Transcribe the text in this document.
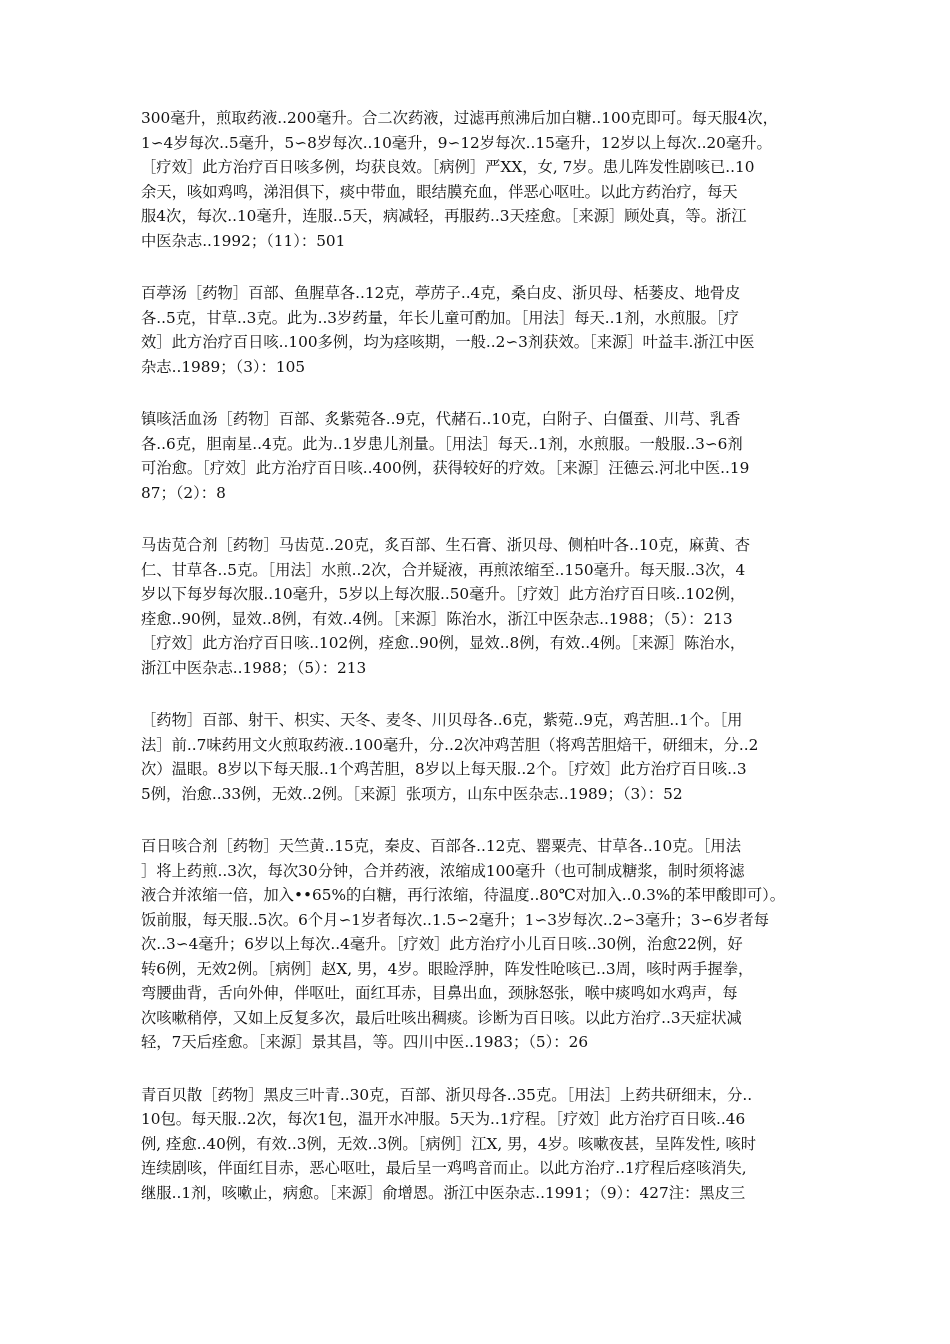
300毫升，煎取药液..200毫升。合二次药液，过滤再煎沸后加白糖..100克即可。每天服4次，
1∽4岁每次..5毫升，5∽8岁每次..10毫升，9∽12岁每次..15毫升，12岁以上每次..20毫升。
［疗效］此方治疗百日咳多例，均获良效。［病例］严XX，女, 7岁。患儿阵发性剧咳已..10
余天，咳如鸡鸣，涕泪俱下，痰中带血，眼结膜充血，伴恶心呕吐。以此方药治疗，每天
服4次，每次..10毫升，连服..5天，病减轻，再服药..3天痊愈。［来源］顾处真，等。浙江
中医杂志..1992；（11）：501
百葶汤［药物］百部、鱼腥草各..12克，葶苈子..4克，桑白皮、浙贝母、栝蒌皮、地骨皮
各..5克，甘草..3克。此为..3岁药量，年长儿童可酌加。［用法］每天..1剂，水煎服。［疗
效］此方治疗百日咳..100多例，均为痉咳期，一般..2∽3剂获效。［来源］叶益丰.浙江中医
杂志..1989；（3）：105
镇咳活血汤［药物］百部、炙紫菀各..9克，代赭石..10克，白附子、白僵蚕、川芎、乳香
各..6克，胆南星..4克。此为..1岁患儿剂量。［用法］每天..1剂，水煎服。一般服..3∽6剂
可治愈。［疗效］此方治疗百日咳..400例，获得较好的疗效。［来源］汪德云.河北中医..19
87；（2）：8
马齿苋合剂［药物］马齿苋..20克，炙百部、生石膏、浙贝母、侧柏叶各..10克，麻黄、杏
仁、甘草各..5克。［用法］水煎..2次，合并疑液，再煎浓缩至..150毫升。每天服..3次，4
岁以下每岁每次服..10毫升，5岁以上每次服..50毫升。［疗效］此方治疗百日咳..102例，
痊愈..90例，显效..8例，有效..4例。［来源］陈治水，浙江中医杂志..1988；（5）：213
［疗效］此方治疗百日咳..102例，痊愈..90例，显效..8例，有效..4例。［来源］陈治水，
浙江中医杂志..1988；（5）：213
［药物］百部、射干、枳实、天冬、麦冬、川贝母各..6克，紫菀..9克，鸡苦胆..1个。［用
法］前..7味药用文火煎取药液..100毫升，分..2次冲鸡苦胆（将鸡苦胆焙干，研细末，分..2
次）温眼。8岁以下每天服..1个鸡苦胆，8岁以上每天服..2个。［疗效］此方治疗百日咳..3
5例，治愈..33例，无效..2例。［来源］张项方，山东中医杂志..1989；（3）：52
百日咳合剂［药物］天竺黄..15克，秦皮、百部各..12克、罂粟壳、甘草各..10克。［用法
］将上药煎..3次，每次30分钟，合并药液，浓缩成100毫升（也可制成糖浆，制时须将滤
液合并浓缩一倍，加入••65%的白糖，再行浓缩，待温度..80℃对加入..0.3%的苯甲酸即可）。
饭前服，每天服..5次。6个月∽1岁者每次..1.5∽2毫升；1∽3岁每次..2∽3毫升；3∽6岁者每
次..3∽4毫升；6岁以上每次..4毫升。［疗效］此方治疗小儿百日咳..30例，治愈22例，好
转6例，无效2例。［病例］赵X, 男，4岁。眼睑浮肿，阵发性呛咳已..3周，咳时两手握拳，
弯腰曲背，舌向外伸，伴呕吐，面红耳赤，目鼻出血，颈脉怒张，喉中痰鸣如水鸡声，每
次咳嗽稍停，又如上反复多次，最后吐咳出稠痰。诊断为百日咳。以此方治疗..3天症状减
轻，7天后痊愈。［来源］景其昌，等。四川中医..1983；（5）：26
青百贝散［药物］黑皮三叶青..30克，百部、浙贝母各..35克。［用法］上药共研细末，分..
10包。每天服..2次，每次1包，温开水冲服。5天为..1疗程。［疗效］此方治疗百日咳..46
例, 痊愈..40例，有效..3例，无效..3例。［病例］江X, 男，4岁。咳嗽夜甚，呈阵发性, 咳时
连续剧咳，伴面红目赤，恶心呕吐，最后呈一鸡鸣音而止。以此方治疗..1疗程后痉咳消失,
继服..1剂，咳嗽止，病愈。［来源］俞增恩。浙江中医杂志..1991；（9）：427注：黑皮三
